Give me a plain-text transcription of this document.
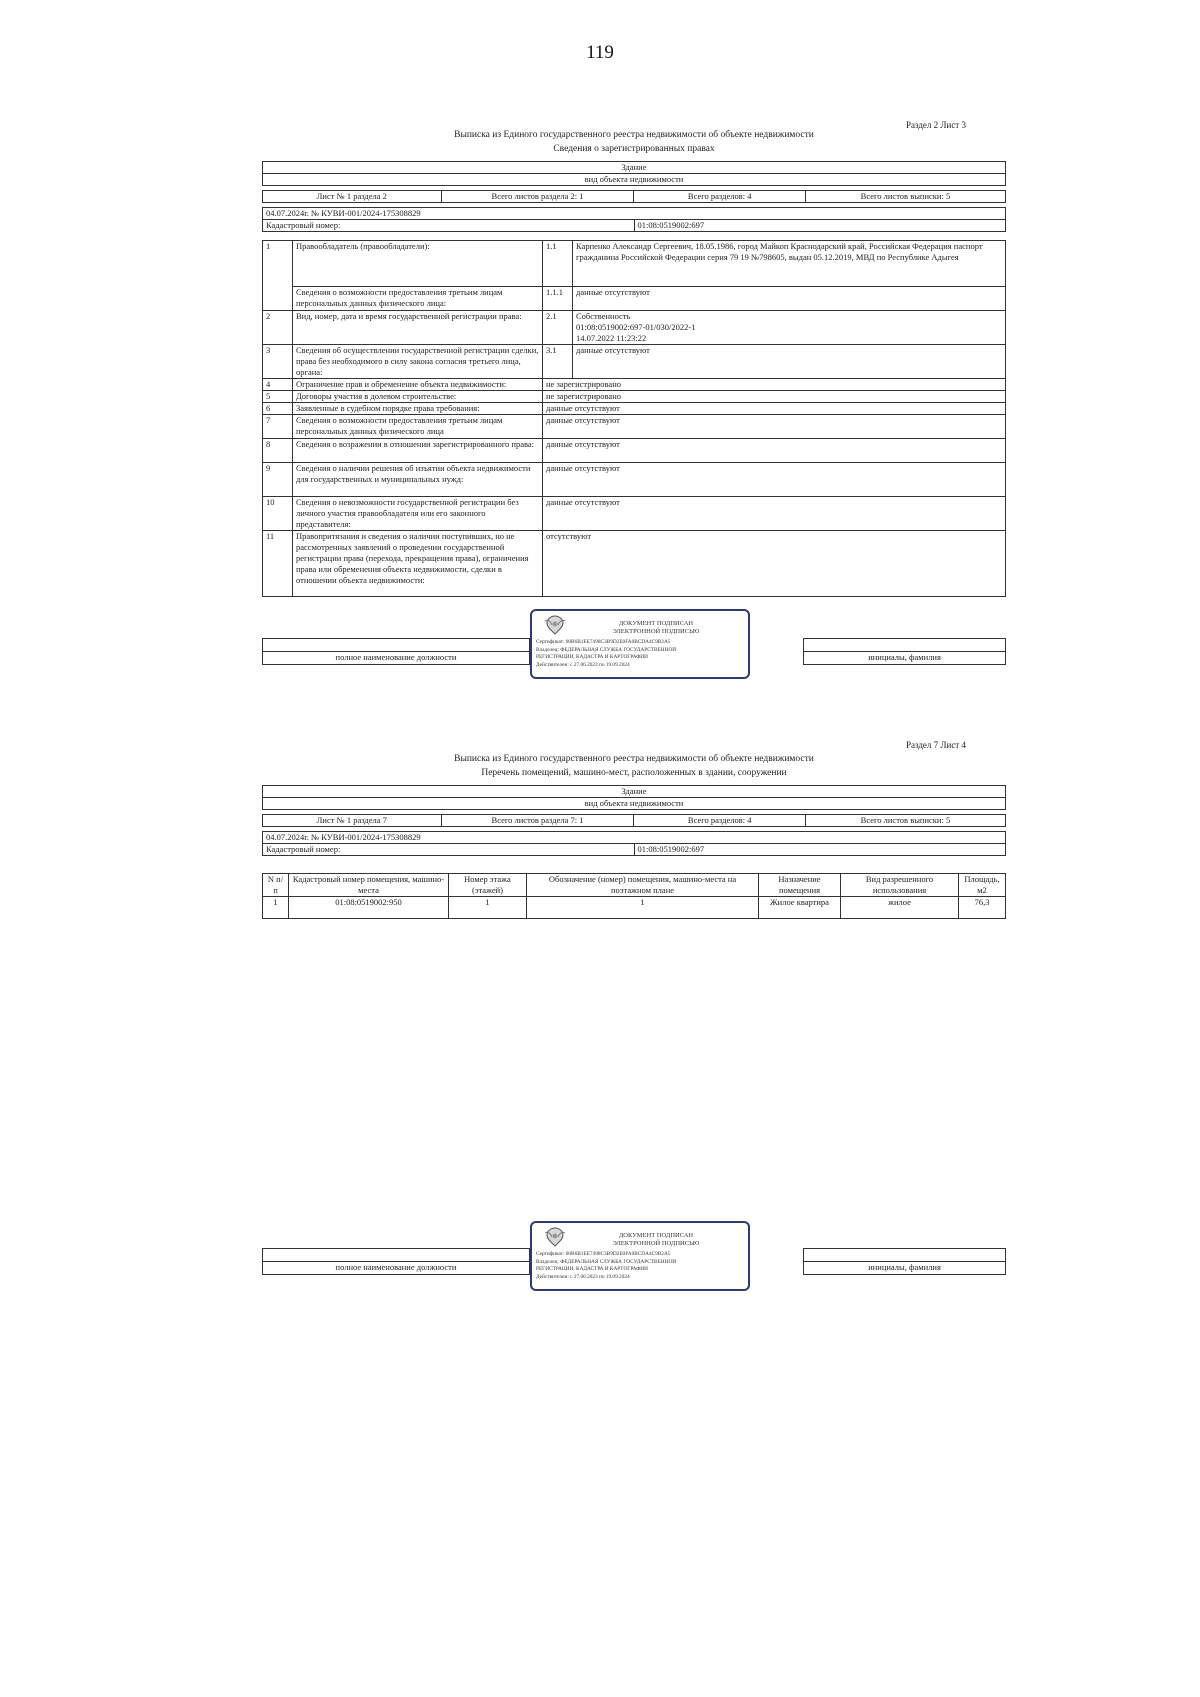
119
Раздел 2 Лист 3
Выписка из Единого государственного реестра недвижимости об объекте недвижимости
Сведения о зарегистрированных правах
Здание
вид объекта недвижимости
Лист № 1 раздела 2	Всего листов раздела 2: 1	Всего разделов: 4	Всего листов выписки: 5
04.07.2024г. № КУВИ-001/2024-175308829
Кадастровый номер:	01:08:0519002:697
1	Правообладатель (правообладатели):	1.1	Карпенко Александр Сергеевич, 18.05.1986, город Майкоп Краснодарский край, Российская Федерация паспорт гражданина Российской Федерации серия 79 19 №798605, выдан 05.12.2019, МВД по Республике Адыгея
	Сведения о возможности предоставления третьим лицам персональных данных физического лица:	1.1.1	данные отсутствуют
2	Вид, номер, дата и время государственной регистрации права:	2.1	Собственность
01:08:0519002:697-01/030/2022-1
14.07.2022 11:23:22

3	Сведения об осуществлении государственной регистрации сделки, права без необходимого в силу закона согласия третьего лица, органа:	3.1	данные отсутствуют
4	Ограничение прав и обременение объекта недвижимости:	не зарегистрировано	
5	Договоры участия в долевом строительстве:	не зарегистрировано	
6	Заявленные в судебном порядке права требования:	данные отсутствуют	
7	Сведения о возможности предоставления третьим лицам персональных данных физического лица	данные отсутствуют	
8	Сведения о возражении в отношении зарегистрированного права:	данные отсутствуют	
9	Сведения о наличии решения об изъятии объекта недвижимости для государственных и муниципальных нужд:	данные отсутствуют	
10	Сведения о невозможности государственной регистрации без личного участия правообладателя или его законного представителя:	данные отсутствуют	
11	Правопритязания и сведения о наличии поступивших, но не рассмотренных заявлений о проведении государственной регистрации права (перехода, прекращения права), ограничения права или обременения объекта недвижимости, сделки в отношении объекта недвижимости:	отсутствуют	

полное наименование должности		инициалы, фамилия
ДОКУМЕНТ ПОДПИСАН
ЭЛЕКТРОННОЙ ПОДПИСЬЮ
Сертификат: 00B6B1EE7498C3B9D2E0FA0BCDA4C9B2A5
Владелец: ФЕДЕРАЛЬНАЯ СЛУЖБА ГОСУДАРСТВЕННОЙ
РЕГИСТРАЦИИ, КАДАСТРА И КАРТОГРАФИИ
Действителен: с 27.06.2023 по 19.09.2024
Раздел 7 Лист 4
Выписка из Единого государственного реестра недвижимости об объекте недвижимости
Перечень помещений, машино-мест, расположенных в здании, сооружении
Здание
вид объекта недвижимости
Лист № 1 раздела 7	Всего листов раздела 7: 1	Всего разделов: 4	Всего листов выписки: 5
04.07.2024г. № КУВИ-001/2024-175308829
Кадастровый номер:	01:08:0519002:697
N п/п	Кадастровый номер помещения, машино-места	Номер этажа (этажей)	Обозначение (номер) помещения, машино-места на поэтажном плане	Назначение помещения	Вид разрешенного использования	Площадь, м2
1	01:08:0519002:950	1	1	Жилое квартира	жилое	76,3

полное наименование должности		инициалы, фамилия
ДОКУМЕНТ ПОДПИСАН
ЭЛЕКТРОННОЙ ПОДПИСЬЮ
Сертификат: 00B6B1EE7498C3B9D2E0FA0BCDA4C9B2A5
Владелец: ФЕДЕРАЛЬНАЯ СЛУЖБА ГОСУДАРСТВЕННОЙ
РЕГИСТРАЦИИ, КАДАСТРА И КАРТОГРАФИИ
Действителен: с 27.06.2023 по 19.09.2024
